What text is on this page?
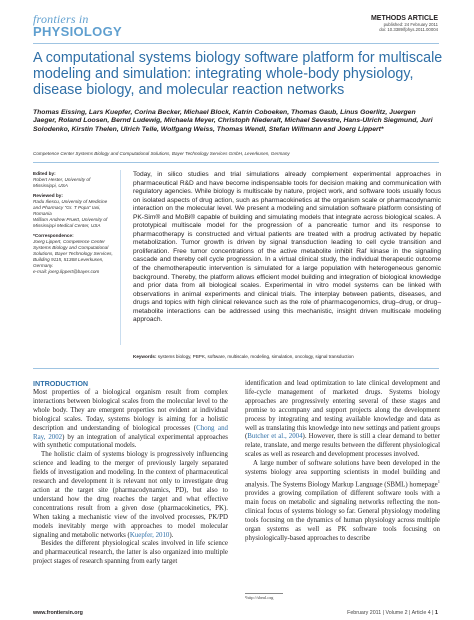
frontiers in
PHYSIOLOGY
METHODS ARTICLE
published: 24 February 2011
doi: 10.3389/fphys.2011.00004
A computational systems biology software platform for multiscale modeling and simulation: integrating whole-body physiology, disease biology, and molecular reaction networks
Thomas Eissing, Lars Kuepfer, Corina Becker, Michael Block, Katrin Coboeken, Thomas Gaub, Linus Goerlitz, Juergen Jaeger, Roland Loosen, Bernd Ludewig, Michaela Meyer, Christoph Niederalt, Michael Sevestre, Hans-Ulrich Siegmund, Juri Solodenko, Kirstin Thelen, Ulrich Telle, Wolfgang Weiss, Thomas Wendl, Stefan Willmann and Joerg Lippert*
Competence Center Systems Biology and Computational Solutions, Bayer Technology Services GmbH, Leverkusen, Germany
Edited by:
Robert Hester, University of Mississippi, USA
Reviewed by:
Radu Iliescu, University of Medicine and Pharmacy "Gr. T Popa" Iasi, Romania
William Andrew Pruett, University of Mississippi Medical Center, USA
*Correspondence:
Joerg Lippert, Competence Center Systems Biology and Computational Solutions, Bayer Technology Services, Building 9115, 51368 Leverkusen, Germany.
e-mail: joerg.lippert@bayer.com

Today, in silico studies and trial simulations already complement experimental approaches in pharmaceutical R&D and have become indispensable tools for decision making and communication with regulatory agencies. While biology is multiscale by nature, project work, and software tools usually focus on isolated aspects of drug action, such as pharmacokinetics at the organism scale or pharmacodynamic interaction on the molecular level. We present a modeling and simulation software platform consisting of PK-Sim® and MoBi® capable of building and simulating models that integrate across biological scales. A prototypical multiscale model for the progression of a pancreatic tumor and its response to pharmacotherapy is constructed and virtual patients are treated with a prodrug activated by hepatic metabolization. Tumor growth is driven by signal transduction leading to cell cycle transition and proliferation. Free tumor concentrations of the active metabolite inhibit Raf kinase in the signaling cascade and thereby cell cycle progression. In a virtual clinical study, the individual therapeutic outcome of the chemotherapeutic intervention is simulated for a large population with heterogeneous genomic background. Thereby, the platform allows efficient model building and integration of biological knowledge and prior data from all biological scales. Experimental in vitro model systems can be linked with observations in animal experiments and clinical trials. The interplay between patients, diseases, and drugs and topics with high clinical relevance such as the role of pharmacogenomics, drug–drug, or drug–metabolite interactions can be addressed using this mechanistic, insight driven multiscale modeling approach.

Keywords: systems biology, PBPK, software, multiscale, modeling, simulation, oncology, signal transduction
INTRODUCTION

Most properties of a biological organism result from complex interactions between biological scales from the molecular level to the whole body. They are emergent properties not evident at individual biological scales. Today, systems biology is aiming for a holistic description and understanding of biological processes (Chong and Ray, 2002) by an integration of analytical experimental approaches with synthetic computational models.

The holistic claim of systems biology is progressively influencing science and leading to the merger of previously largely separated fields of investigation and modeling. In the context of pharmaceutical research and development it is relevant not only to investigate drug action at the target site (pharmacodynamics, PD), but also to understand how the drug reaches the target and what effective concentrations result from a given dose (pharmacokinetics, PK). When taking a mechanistic view of the involved processes, PK/PD models inevitably merge with approaches to model molecular signaling and metabolic networks (Kuepfer, 2010).

Besides the different physiological scales involved in life science and pharmaceutical research, the latter is also organized into multiple project stages of research spanning from early target

identification and lead optimization to late clinical development and life-cycle management of marketed drugs. Systems biology approaches are progressively entering several of these stages and promise to accompany and support projects along the development process by integrating and testing available knowledge and data as well as translating this knowledge into new settings and patient groups (Butcher et al., 2004). However, there is still a clear demand to better relate, translate, and merge results between the different physiological scales as well as research and development processes involved.

A large number of software solutions have been developed in the systems biology area supporting scientists in model building and analysis. The Systems Biology Markup Language (SBML) homepage$^1$ provides a growing compilation of different software tools with a main focus on metabolic and signaling networks reflecting the non-clinical focus of systems biology so far. General physiology modeling tools focusing on the dynamics of human physiology across multiple organ systems as well as PK software tools focusing on physiologically-based approaches to describe

¹http://sbml.org
www.frontiersin.org	February 2011 | Volume 2 | Article 4 | 1
